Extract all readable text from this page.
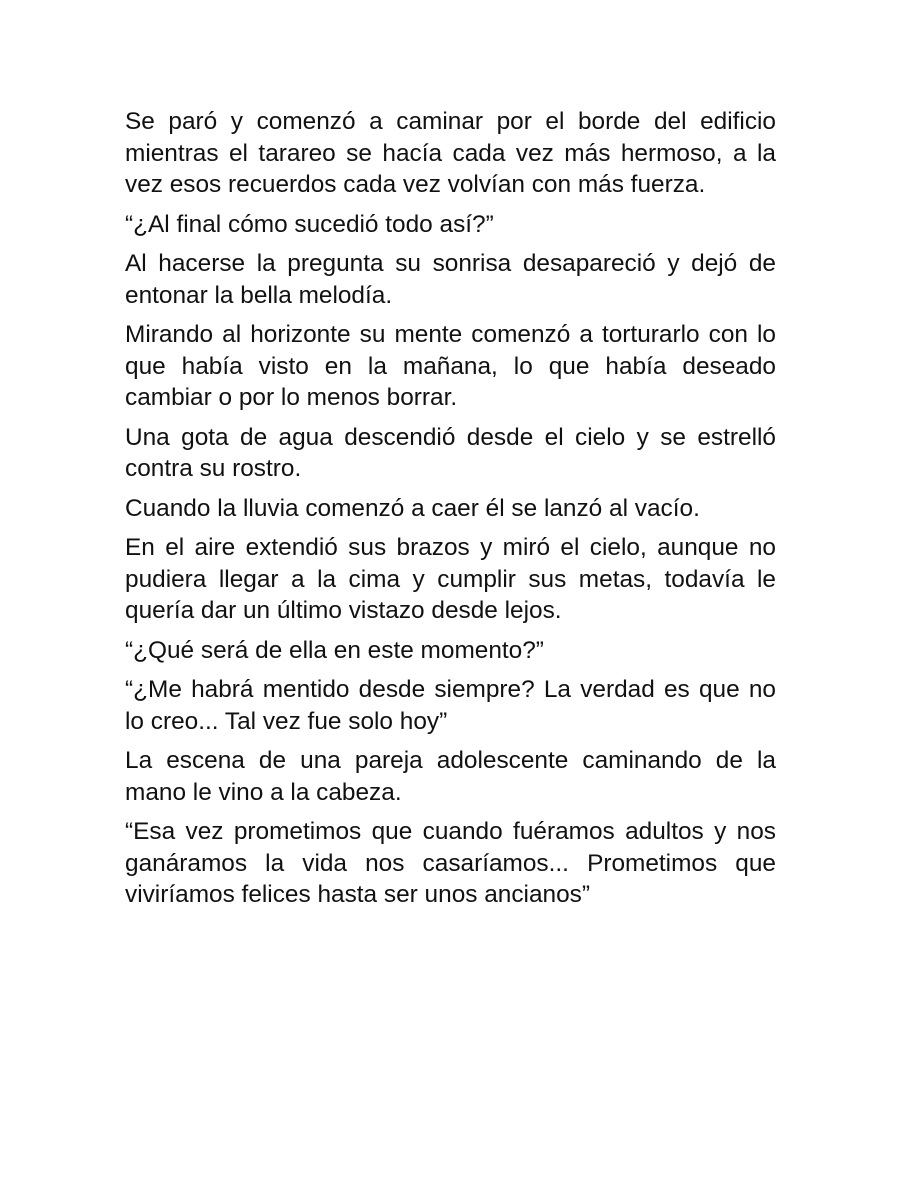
Se paró y comenzó a caminar por el borde del edificio mientras el tarareo se hacía cada vez más hermoso, a la vez esos recuerdos cada vez volvían con más fuerza.

“¿Al final cómo sucedió todo así?”

Al hacerse la pregunta su sonrisa desapareció y dejó de entonar la bella melodía.

Mirando al horizonte su mente comenzó a torturarlo con lo que había visto en la mañana, lo que había deseado cambiar o por lo menos borrar.

Una gota de agua descendió desde el cielo y se estrelló contra su rostro.

Cuando la lluvia comenzó a caer él se lanzó al vacío.

En el aire extendió sus brazos y miró el cielo, aunque no pudiera llegar a la cima y cumplir sus metas, todavía le quería dar un último vistazo desde lejos.

“¿Qué será de ella en este momento?”

“¿Me habrá mentido desde siempre? La verdad es que no lo creo... Tal vez fue solo hoy”

La escena de una pareja adolescente caminando de la mano le vino a la cabeza.

“Esa vez prometimos que cuando fuéramos adultos y nos ganáramos la vida nos casaríamos... Prometimos que viviríamos felices hasta ser unos ancianos”
